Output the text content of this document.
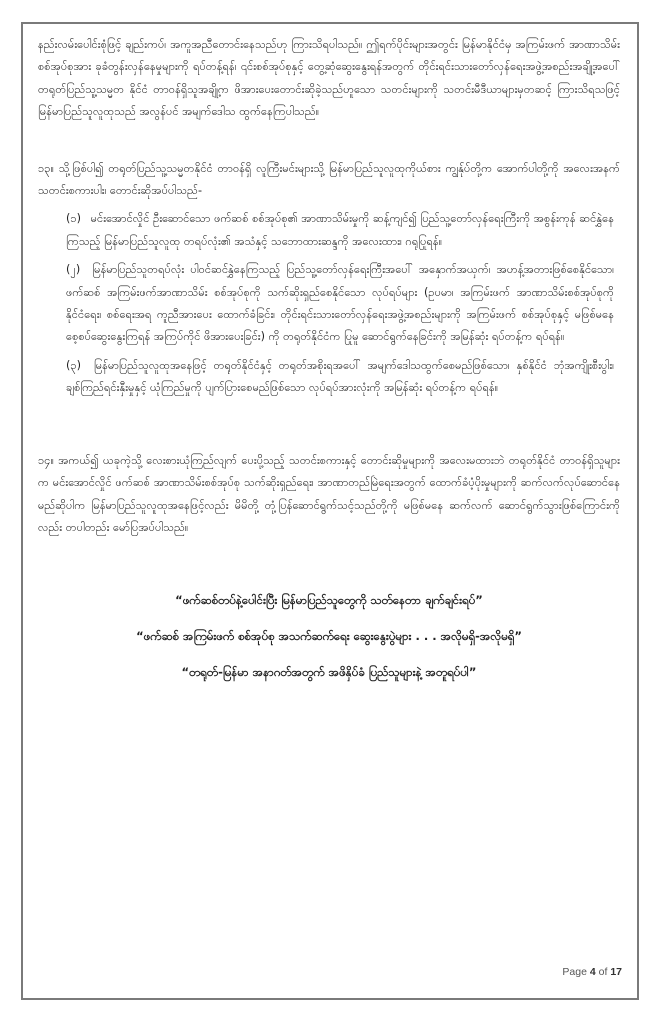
နည်းလမ်းပေါင်းစုံဖြင့် ချည်းကပ်၊ အကူအညီတောင်းနေသည်ဟု ကြားသိရပါသည်။ ဤရက်ပိုင်းများအတွင်း မြန်မာနိုင်ငံမှ အကြမ်းဖက် အာဏာသိမ်းစစ်အုပ်စုအား ခုခံတွန်းလှန်နေမှုများကို ရပ်တန့်ရန်၊ ၎င်းစစ်အုပ်စုနှင့် တွေ့ဆုံဆွေးနွေးရန်အတွက် တိုင်းရင်းသားတော်လှန်ရေးအဖွဲ့အစည်းအချို့အပေါ် တရုတ်ပြည်သူ့သမ္မတ နိုင်ငံ တာဝန်ရှိသူအချို့က ဖိအားပေးတောင်းဆိုခဲ့သည်ဟူသော သတင်းများကို သတင်းမီဒီယာများမှတဆင့် ကြားသိရသဖြင့် မြန်မာပြည်သူလူထုသည် အလွန်ပင် အမျက်ဒေါသ ထွက်နေကြပါသည်။

၁၃။ သို့ဖြစ်ပါ၍ တရုတ်ပြည်သူ့သမ္မတနိုင်ငံ တာဝန်ရှိ လူကြီးမင်းများသို့ မြန်မာပြည်သူလူထုကိုယ်စား ကျွန်ုပ်တို့က အောက်ပါတို့ကို အလေးအနက် သတင်းစကားပါး၊ တောင်းဆိုအပ်ပါသည်-

(၁) မင်းအောင်လှိုင် ဦးဆောင်သော ဖက်ဆစ် စစ်အုပ်စု၏ အာဏာသိမ်းမှုကို ဆန့်ကျင်၍ ပြည်သူ့တော်လှန်ရေးကြီးကို အစွန်းကုန် ဆင်နွှဲနေကြသည့် မြန်မာပြည်သူလူထု တရပ်လုံး၏ အသံနှင့် သဘောထားဆန္ဒကို အလေးထား၊ ဂရုပြုရန်။
(၂) မြန်မာပြည်သူတရပ်လုံး ပါဝင်ဆင်နွှဲနေကြသည့် ပြည်သူ့တော်လှန်ရေးကြီးအပေါ် အနှောက်အယှက်၊ အဟန့်အတားဖြစ်စေနိုင်သော၊ ဖက်ဆစ် အကြမ်းဖက်အာဏာသိမ်း စစ်အုပ်စုကို သက်ဆိုးရှည်စေနိုင်သော လုပ်ရပ်များ (ဥပမာ၊ အကြမ်းဖက် အာဏာသိမ်းစစ်အုပ်စုကို နိုင်ငံရေး၊ စစ်ရေးအရ ကူညီအားပေး ထောက်ခံခြင်း၊ တိုင်းရင်းသားတော်လှန်ရေးအဖွဲ့အစည်းများကို အကြမ်းဖက် စစ်အုပ်စုနှင့် မဖြစ်မနေ စေ့စပ်ဆွေးနွေးကြရန် အကြပ်ကိုင် ဖိအားပေးခြင်း) ကို တရုတ်နိုင်ငံက ပြုမူ ဆောင်ရွက်နေခြင်းကို အမြန်ဆုံး ရပ်တန့်က ရပ်ရန်။
(၃) မြန်မာပြည်သူလူထုအနေဖြင့် တရုတ်နိုင်ငံနှင့် တရုတ်အစိုးရအပေါ် အမျက်ဒေါသထွက်စေမည်ဖြစ်သော၊ နှစ်နိုင်ငံ ဘုံအကျိုးစီးပွါး၊ ချစ်ကြည်ရင်းနှီးမှုနှင့် ယုံကြည်မှုကို ပျက်ပြားစေမည်ဖြစ်သော လုပ်ရပ်အားလုံးကို အမြန်ဆုံး ရပ်တန့်က ရပ်ရန်။

၁၄။ အကယ်၍ ယခုကဲ့သို့ လေးစားယုံကြည်လျက် ပေးပို့သည့် သတင်းစကားနှင့် တောင်းဆိုမှုများကို အလေးမထားဘဲ တရုတ်နိုင်ငံ တာဝန်ရှိသူများက မင်းအောင်လှိုင် ဖက်ဆစ် အာဏာသိမ်းစစ်အုပ်စု သက်ဆိုးရှည်ရေး၊ အာဏာတည်မြဲရေးအတွက် ထောက်ခံပံ့ပိုးမှုများကို ဆက်လက်လုပ်ဆောင်နေမည်ဆိုပါက မြန်မာပြည်သူလူထုအနေဖြင့်လည်း မိမိတို့ တုံ့ပြန်ဆောင်ရွက်သင့်သည်တို့ကို မဖြစ်မနေ ဆက်လက် ဆောင်ရွက်သွားဖြစ်ကြောင်းကိုလည်း တပါတည်း မော်ပြအပ်ပါသည်။

“ဖက်ဆစ်တပ်နဲ့ပေါင်းပြီး မြန်မာပြည်သူတွေကို သတ်နေတာ ချက်ချင်းရပ်”

“ဖက်ဆစ် အကြမ်းဖက် စစ်အုပ်စု အသက်ဆက်ရေး ဆွေးနွေးပွဲများ . . . အလိုမရှိ-အလိုမရှိ”

“တရုတ်-မြန်မာ အနာဂတ်အတွက် အဖိနှိပ်ခံ ပြည်သူများနဲ့ အတူရပ်ပါ”

Page 4 of 17
